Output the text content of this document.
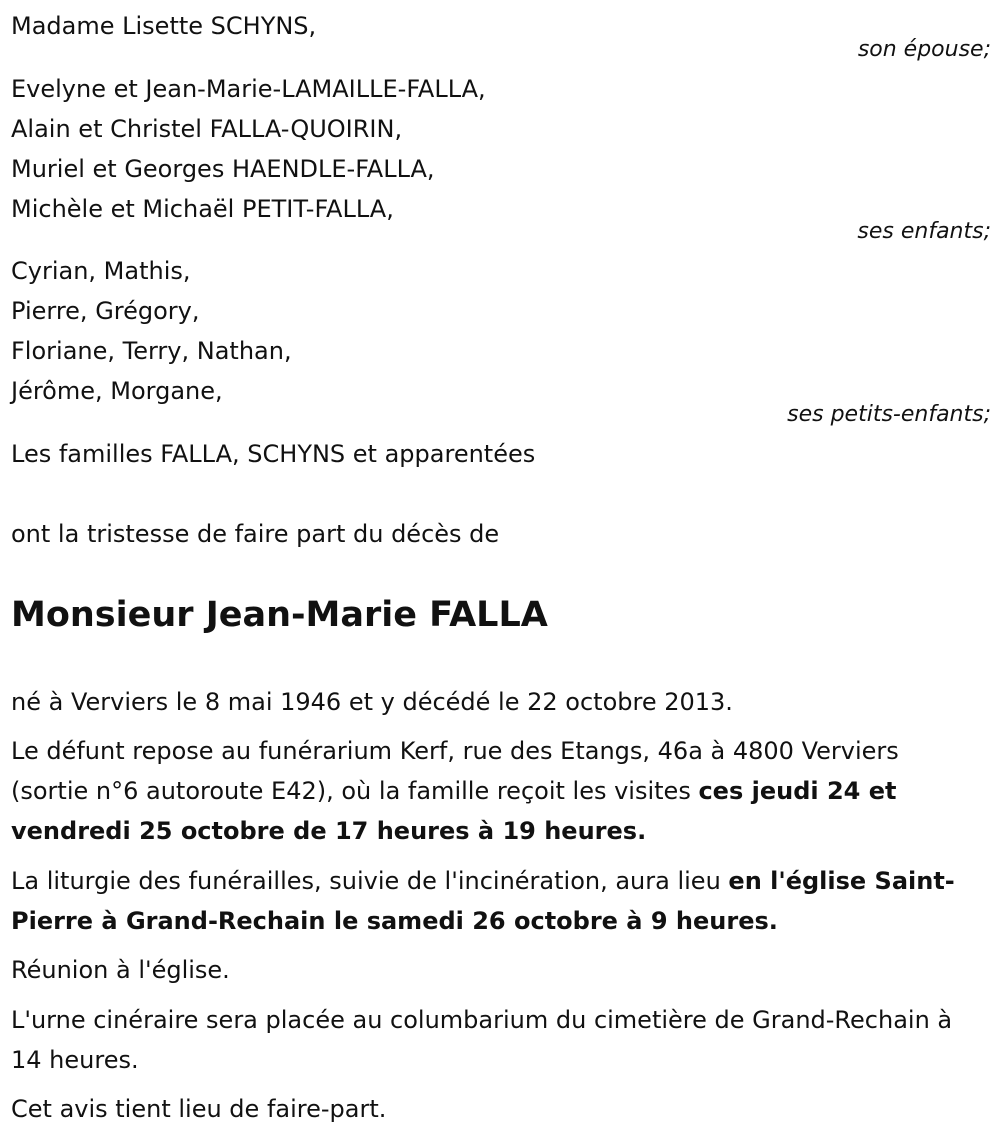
Madame Lisette SCHYNS,
son épouse;
Evelyne et Jean-Marie-LAMAILLE-FALLA,
Alain et Christel FALLA-QUOIRIN,
Muriel et Georges HAENDLE-FALLA,
Michèle et Michaël PETIT-FALLA,
ses enfants;
Cyrian, Mathis,
Pierre, Grégory,
Floriane, Terry, Nathan,
Jérôme, Morgane,
ses petits-enfants;
Les familles FALLA, SCHYNS et apparentées
ont la tristesse de faire part du décès de
Monsieur Jean-Marie FALLA
né à Verviers le 8 mai 1946 et y décédé le 22 octobre 2013.
Le défunt repose au funérarium Kerf, rue des Etangs, 46a à 4800 Verviers (sortie n°6 autoroute E42), où la famille reçoit les visites ces jeudi 24 et vendredi 25 octobre de 17 heures à 19 heures.
La liturgie des funérailles, suivie de l'incinération, aura lieu en l'église Saint-Pierre à Grand-Rechain le samedi 26 octobre à 9 heures.
Réunion à l'église.
L'urne cinéraire sera placée au columbarium du cimetière de Grand-Rechain à 14 heures.
Cet avis tient lieu de faire-part.
